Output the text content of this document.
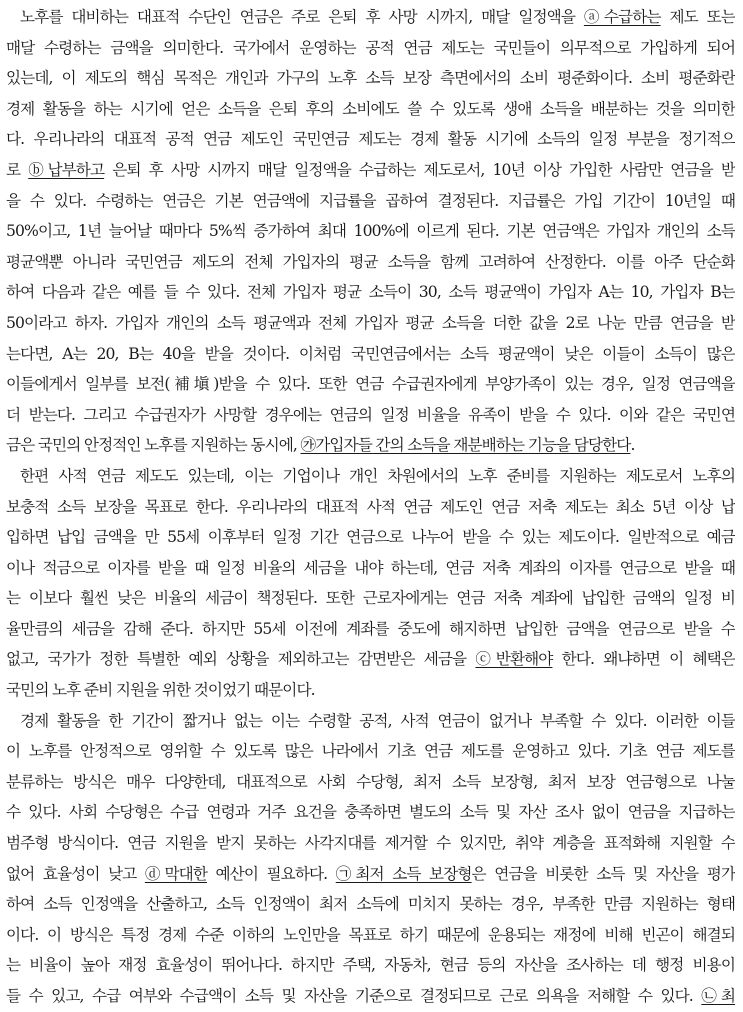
노후를 대비하는 대표적 수단인 연금은 주로 은퇴 후 사망 시까지, 매달 일정액을 ⓐ수급하는 제도 또는
매달 수령하는 금액을 의미한다. 국가에서 운영하는 공적 연금 제도는 국민들이 의무적으로 가입하게 되어
있는데, 이 제도의 핵심 목적은 개인과 가구의 노후 소득 보장 측면에서의 소비 평준화이다. 소비 평준화란
경제 활동을 하는 시기에 얻은 소득을 은퇴 후의 소비에도 쓸 수 있도록 생애 소득을 배분하는 것을 의미한
다. 우리나라의 대표적 공적 연금 제도인 국민연금 제도는 경제 활동 시기에 소득의 일정 부분을 정기적으
로 ⓑ납부하고 은퇴 후 사망 시까지 매달 일정액을 수급하는 제도로서, 10년 이상 가입한 사람만 연금을 받
을 수 있다. 수령하는 연금은 기본 연금액에 지급률을 곱하여 결정된다. 지급률은 가입 기간이 10년일 때
50%이고, 1년 늘어날 때마다 5%씩 증가하여 최대 100%에 이르게 된다. 기본 연금액은 가입자 개인의 소득
평균액뿐 아니라 국민연금 제도의 전체 가입자의 평균 소득을 함께 고려하여 산정한다. 이를 아주 단순화
하여 다음과 같은 예를 들 수 있다. 전체 가입자 평균 소득이 30, 소득 평균액이 가입자 A는 10, 가입자 B는
50이라고 하자. 가입자 개인의 소득 평균액과 전체 가입자 평균 소득을 더한 값을 2로 나눈 만큼 연금을 받
는다면, A는 20, B는 40을 받을 것이다. 이처럼 국민연금에서는 소득 평균액이 낮은 이들이 소득이 많은
이들에게서 일부를 보전(補塡)받을 수 있다. 또한 연금 수급권자에게 부양가족이 있는 경우, 일정 연금액을
더 받는다. 그리고 수급권자가 사망할 경우에는 연금의 일정 비율을 유족이 받을 수 있다. 이와 같은 국민연
금은 국민의 안정적인 노후를 지원하는 동시에, ㉮가입자들 간의 소득을 재분배하는 기능을 담당한다.
한편 사적 연금 제도도 있는데, 이는 기업이나 개인 차원에서의 노후 준비를 지원하는 제도로서 노후의
보충적 소득 보장을 목표로 한다. 우리나라의 대표적 사적 연금 제도인 연금 저축 제도는 최소 5년 이상 납
입하면 납입 금액을 만 55세 이후부터 일정 기간 연금으로 나누어 받을 수 있는 제도이다. 일반적으로 예금
이나 적금으로 이자를 받을 때 일정 비율의 세금을 내야 하는데, 연금 저축 계좌의 이자를 연금으로 받을 때
는 이보다 훨씬 낮은 비율의 세금이 책정된다. 또한 근로자에게는 연금 저축 계좌에 납입한 금액의 일정 비
율만큼의 세금을 감해 준다. 하지만 55세 이전에 계좌를 중도에 해지하면 납입한 금액을 연금으로 받을 수
없고, 국가가 정한 특별한 예외 상황을 제외하고는 감면받은 세금을 ⓒ반환해야 한다. 왜냐하면 이 혜택은
국민의 노후 준비 지원을 위한 것이었기 때문이다.
경제 활동을 한 기간이 짧거나 없는 이는 수령할 공적, 사적 연금이 없거나 부족할 수 있다. 이러한 이들
이 노후를 안정적으로 영위할 수 있도록 많은 나라에서 기초 연금 제도를 운영하고 있다. 기초 연금 제도를
분류하는 방식은 매우 다양한데, 대표적으로 사회 수당형, 최저 소득 보장형, 최저 보장 연금형으로 나눌
수 있다. 사회 수당형은 수급 연령과 거주 요건을 충족하면 별도의 소득 및 자산 조사 없이 연금을 지급하는
범주형 방식이다. 연금 지원을 받지 못하는 사각지대를 제거할 수 있지만, 취약 계층을 표적화해 지원할 수
없어 효율성이 낮고 ⓓ막대한 예산이 필요하다. ㉠최저 소득 보장형은 연금을 비롯한 소득 및 자산을 평가
하여 소득 인정액을 산출하고, 소득 인정액이 최저 소득에 미치지 못하는 경우, 부족한 만큼 지원하는 형태
이다. 이 방식은 특정 경제 수준 이하의 노인만을 목표로 하기 때문에 운용되는 재정에 비해 빈곤이 해결되
는 비율이 높아 재정 효율성이 뛰어나다. 하지만 주택, 자동차, 현금 등의 자산을 조사하는 데 행정 비용이
들 수 있고, 수급 여부와 수급액이 소득 및 자산을 기준으로 결정되므로 근로 의욕을 저해할 수 있다. ㉡최
